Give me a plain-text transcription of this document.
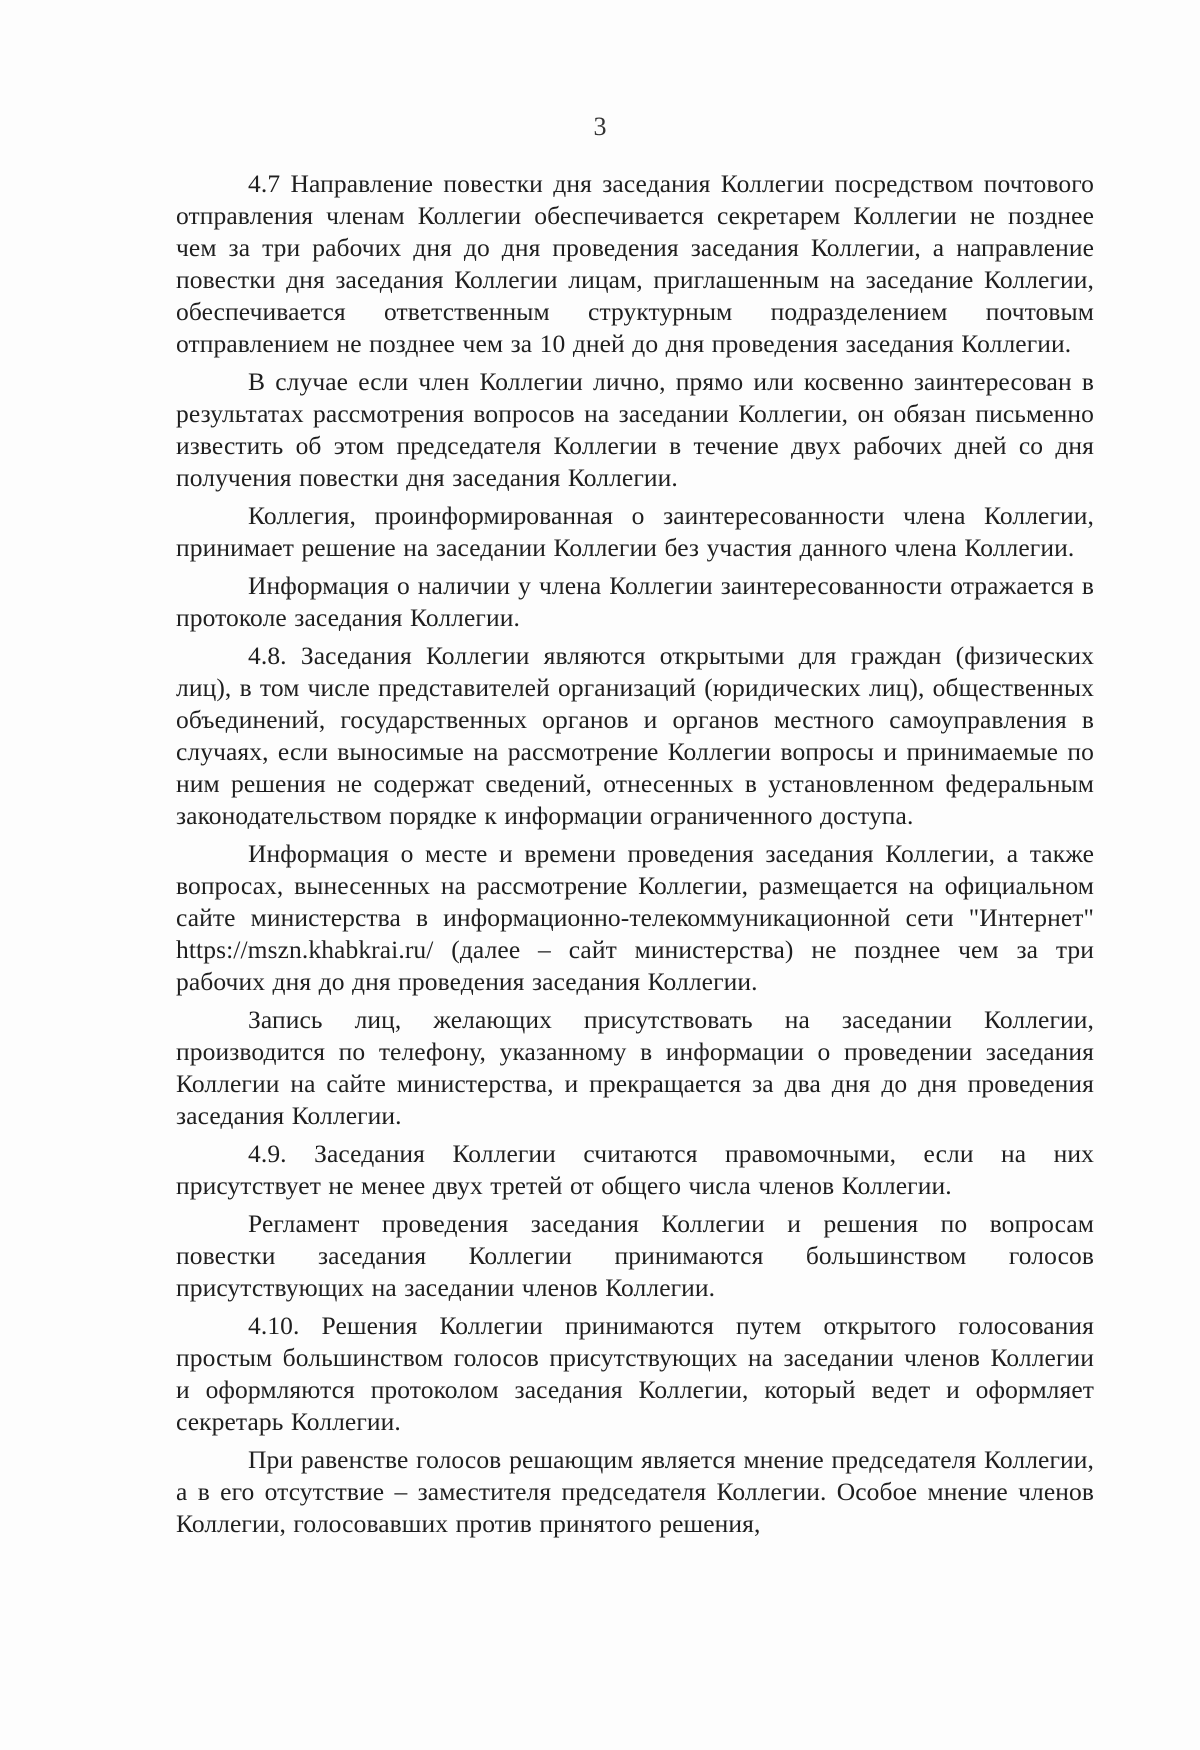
3

4.7 Направление повестки дня заседания Коллегии посредством почтового отправления членам Коллегии обеспечивается секретарем Коллегии не позднее чем за три рабочих дня до дня проведения заседания Коллегии, а направление повестки дня заседания Коллегии лицам, приглашенным на заседание Коллегии, обеспечивается ответственным структурным подразделением почтовым отправлением не позднее чем за 10 дней до дня проведения заседания Коллегии.

В случае если член Коллегии лично, прямо или косвенно заинтересован в результатах рассмотрения вопросов на заседании Коллегии, он обязан письменно известить об этом председателя Коллегии в течение двух рабочих дней со дня получения повестки дня заседания Коллегии.

Коллегия, проинформированная о заинтересованности члена Коллегии, принимает решение на заседании Коллегии без участия данного члена Коллегии.

Информация о наличии у члена Коллегии заинтересованности отражается в протоколе заседания Коллегии.

4.8. Заседания Коллегии являются открытыми для граждан (физических лиц), в том числе представителей организаций (юридических лиц), общественных объединений, государственных органов и органов местного самоуправления в случаях, если выносимые на рассмотрение Коллегии вопросы и принимаемые по ним решения не содержат сведений, отнесенных в установленном федеральным законодательством порядке к информации ограниченного доступа.

Информация о месте и времени проведения заседания Коллегии, а также вопросах, вынесенных на рассмотрение Коллегии, размещается на официальном сайте министерства в информационно-телекоммуникационной сети "Интернет" https://mszn.khabkrai.ru/ (далее – сайт министерства) не позднее чем за три рабочих дня до дня проведения заседания Коллегии.

Запись лиц, желающих присутствовать на заседании Коллегии, производится по телефону, указанному в информации о проведении заседания Коллегии на сайте министерства, и прекращается за два дня до дня проведения заседания Коллегии.

4.9. Заседания Коллегии считаются правомочными, если на них присутствует не менее двух третей от общего числа членов Коллегии.

Регламент проведения заседания Коллегии и решения по вопросам повестки заседания Коллегии принимаются большинством голосов присутствующих на заседании членов Коллегии.

4.10. Решения Коллегии принимаются путем открытого голосования простым большинством голосов присутствующих на заседании членов Коллегии и оформляются протоколом заседания Коллегии, который ведет и оформляет секретарь Коллегии.

При равенстве голосов решающим является мнение председателя Коллегии, а в его отсутствие – заместителя председателя Коллегии. Особое мнение членов Коллегии, голосовавших против принятого решения,
